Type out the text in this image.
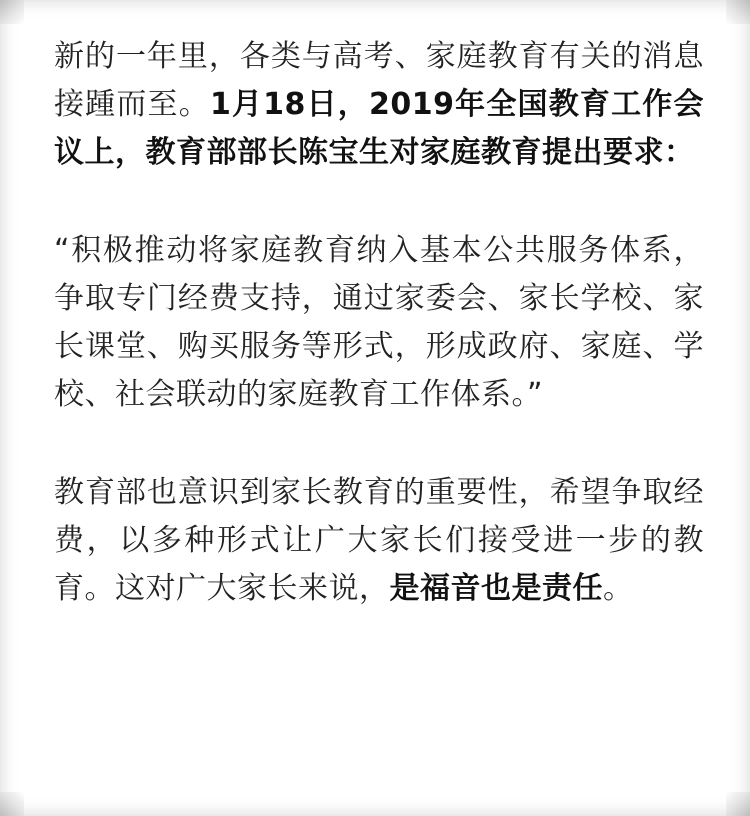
新的一年里，各类与高考、家庭教育有关的消息接踵而至。1月18日，2019年全国教育工作会议上，教育部部长陈宝生对家庭教育提出要求：

“积极推动将家庭教育纳入基本公共服务体系，争取专门经费支持，通过家委会、家长学校、家长课堂、购买服务等形式，形成政府、家庭、学校、社会联动的家庭教育工作体系。”

教育部也意识到家长教育的重要性，希望争取经费，以多种形式让广大家长们接受进一步的教育。这对广大家长来说，是福音也是责任。
